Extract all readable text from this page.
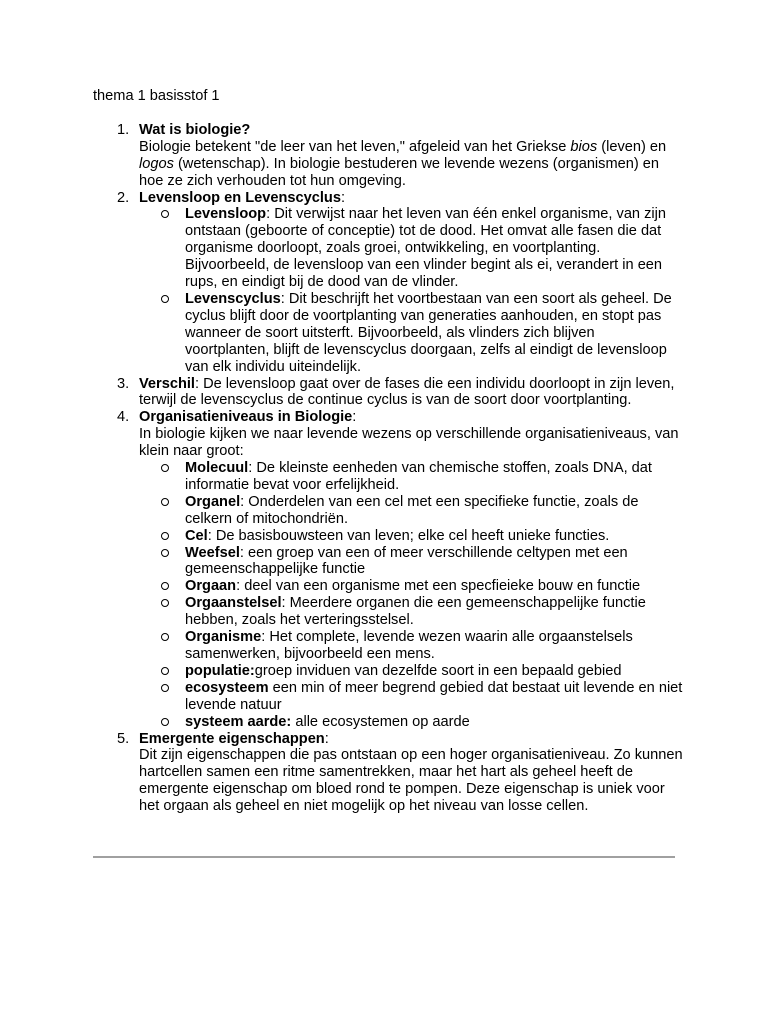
thema 1 basisstof 1
1. Wat is biologie?
Biologie betekent "de leer van het leven," afgeleid van het Griekse bios (leven) en logos (wetenschap). In biologie bestuderen we levende wezens (organismen) en hoe ze zich verhouden tot hun omgeving.
2. Levensloop en Levenscyclus:
Levensloop: Dit verwijst naar het leven van één enkel organisme, van zijn ontstaan (geboorte of conceptie) tot de dood. Het omvat alle fasen die dat organisme doorloopt, zoals groei, ontwikkeling, en voortplanting. Bijvoorbeeld, de levensloop van een vlinder begint als ei, verandert in een rups, en eindigt bij de dood van de vlinder.
Levenscyclus: Dit beschrijft het voortbestaan van een soort als geheel. De cyclus blijft door de voortplanting van generaties aanhouden, en stopt pas wanneer de soort uitsterft. Bijvoorbeeld, als vlinders zich blijven voortplanten, blijft de levenscyclus doorgaan, zelfs al eindigt de levensloop van elk individu uiteindelijk.
3. Verschil: De levensloop gaat over de fases die een individu doorloopt in zijn leven, terwijl de levenscyclus de continue cyclus is van de soort door voortplanting.
4. Organisatieniveaus in Biologie:
In biologie kijken we naar levende wezens op verschillende organisatieniveaus, van klein naar groot:
Molecuul: De kleinste eenheden van chemische stoffen, zoals DNA, dat informatie bevat voor erfelijkheid.
Organel: Onderdelen van een cel met een specifieke functie, zoals de celkern of mitochondriën.
Cel: De basisbouwsteen van leven; elke cel heeft unieke functies.
Weefsel: een groep van een of meer verschillende celtypen met een gemeenschappelijke functie
Orgaan: deel van een organisme met een specfieieke bouw en functie
Orgaanstelsel: Meerdere organen die een gemeenschappelijke functie hebben, zoals het verteringsstelsel.
Organisme: Het complete, levende wezen waarin alle orgaanstelsels samenwerken, bijvoorbeeld een mens.
populatie:groep inviduen van dezelfde soort in een bepaald gebied
ecosysteem een min of meer begrend gebied dat bestaat uit levende en niet levende natuur
systeem aarde: alle ecosystemen op aarde
5. Emergente eigenschappen:
Dit zijn eigenschappen die pas ontstaan op een hoger organisatieniveau. Zo kunnen hartcellen samen een ritme samentrekken, maar het hart als geheel heeft de emergente eigenschap om bloed rond te pompen. Deze eigenschap is uniek voor het orgaan als geheel en niet mogelijk op het niveau van losse cellen.
